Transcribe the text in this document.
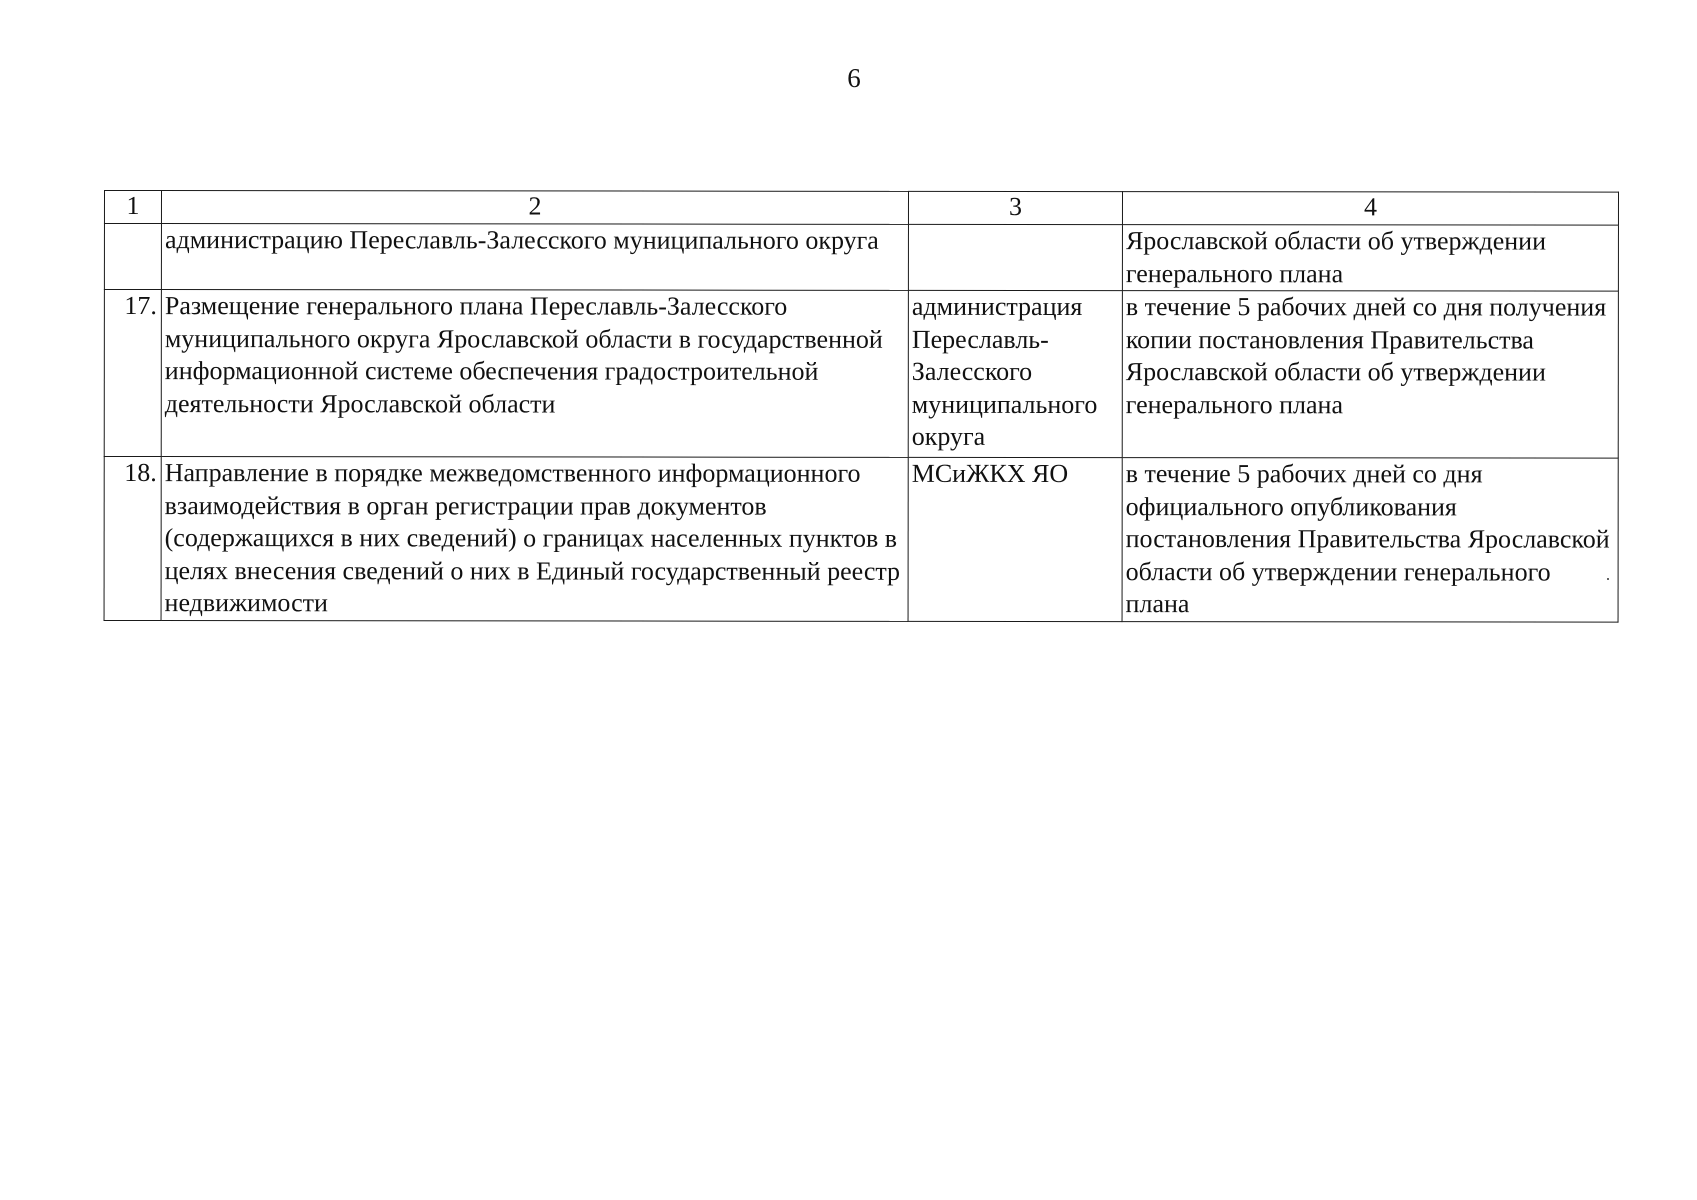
6
1	2	3	4

	администрацию Переславль-Залесского муниципального округа		Ярославской области об утверждении генерального плана

17.	Размещение генерального плана Переславль-Залесского муниципального округа Ярославской области в государственной информационной системе обеспечения градостроительной деятельности Ярославской области	администрация Переславль-Залесского муниципального округа	в течение 5 рабочих дней со дня получения копии постановления Правительства Ярославской области об утверждении генерального плана

18.	Направление в порядке межведомственного информационного взаимодействия в орган регистрации прав документов (содержащихся в них сведений) о границах населенных пунктов в целях внесения сведений о них в Единый государственный реестр недвижимости	МСиЖКХ ЯО	в течение 5 рабочих дней со дня официального опубликования постановления Правительства Ярославской области об утверждении генерального плана
